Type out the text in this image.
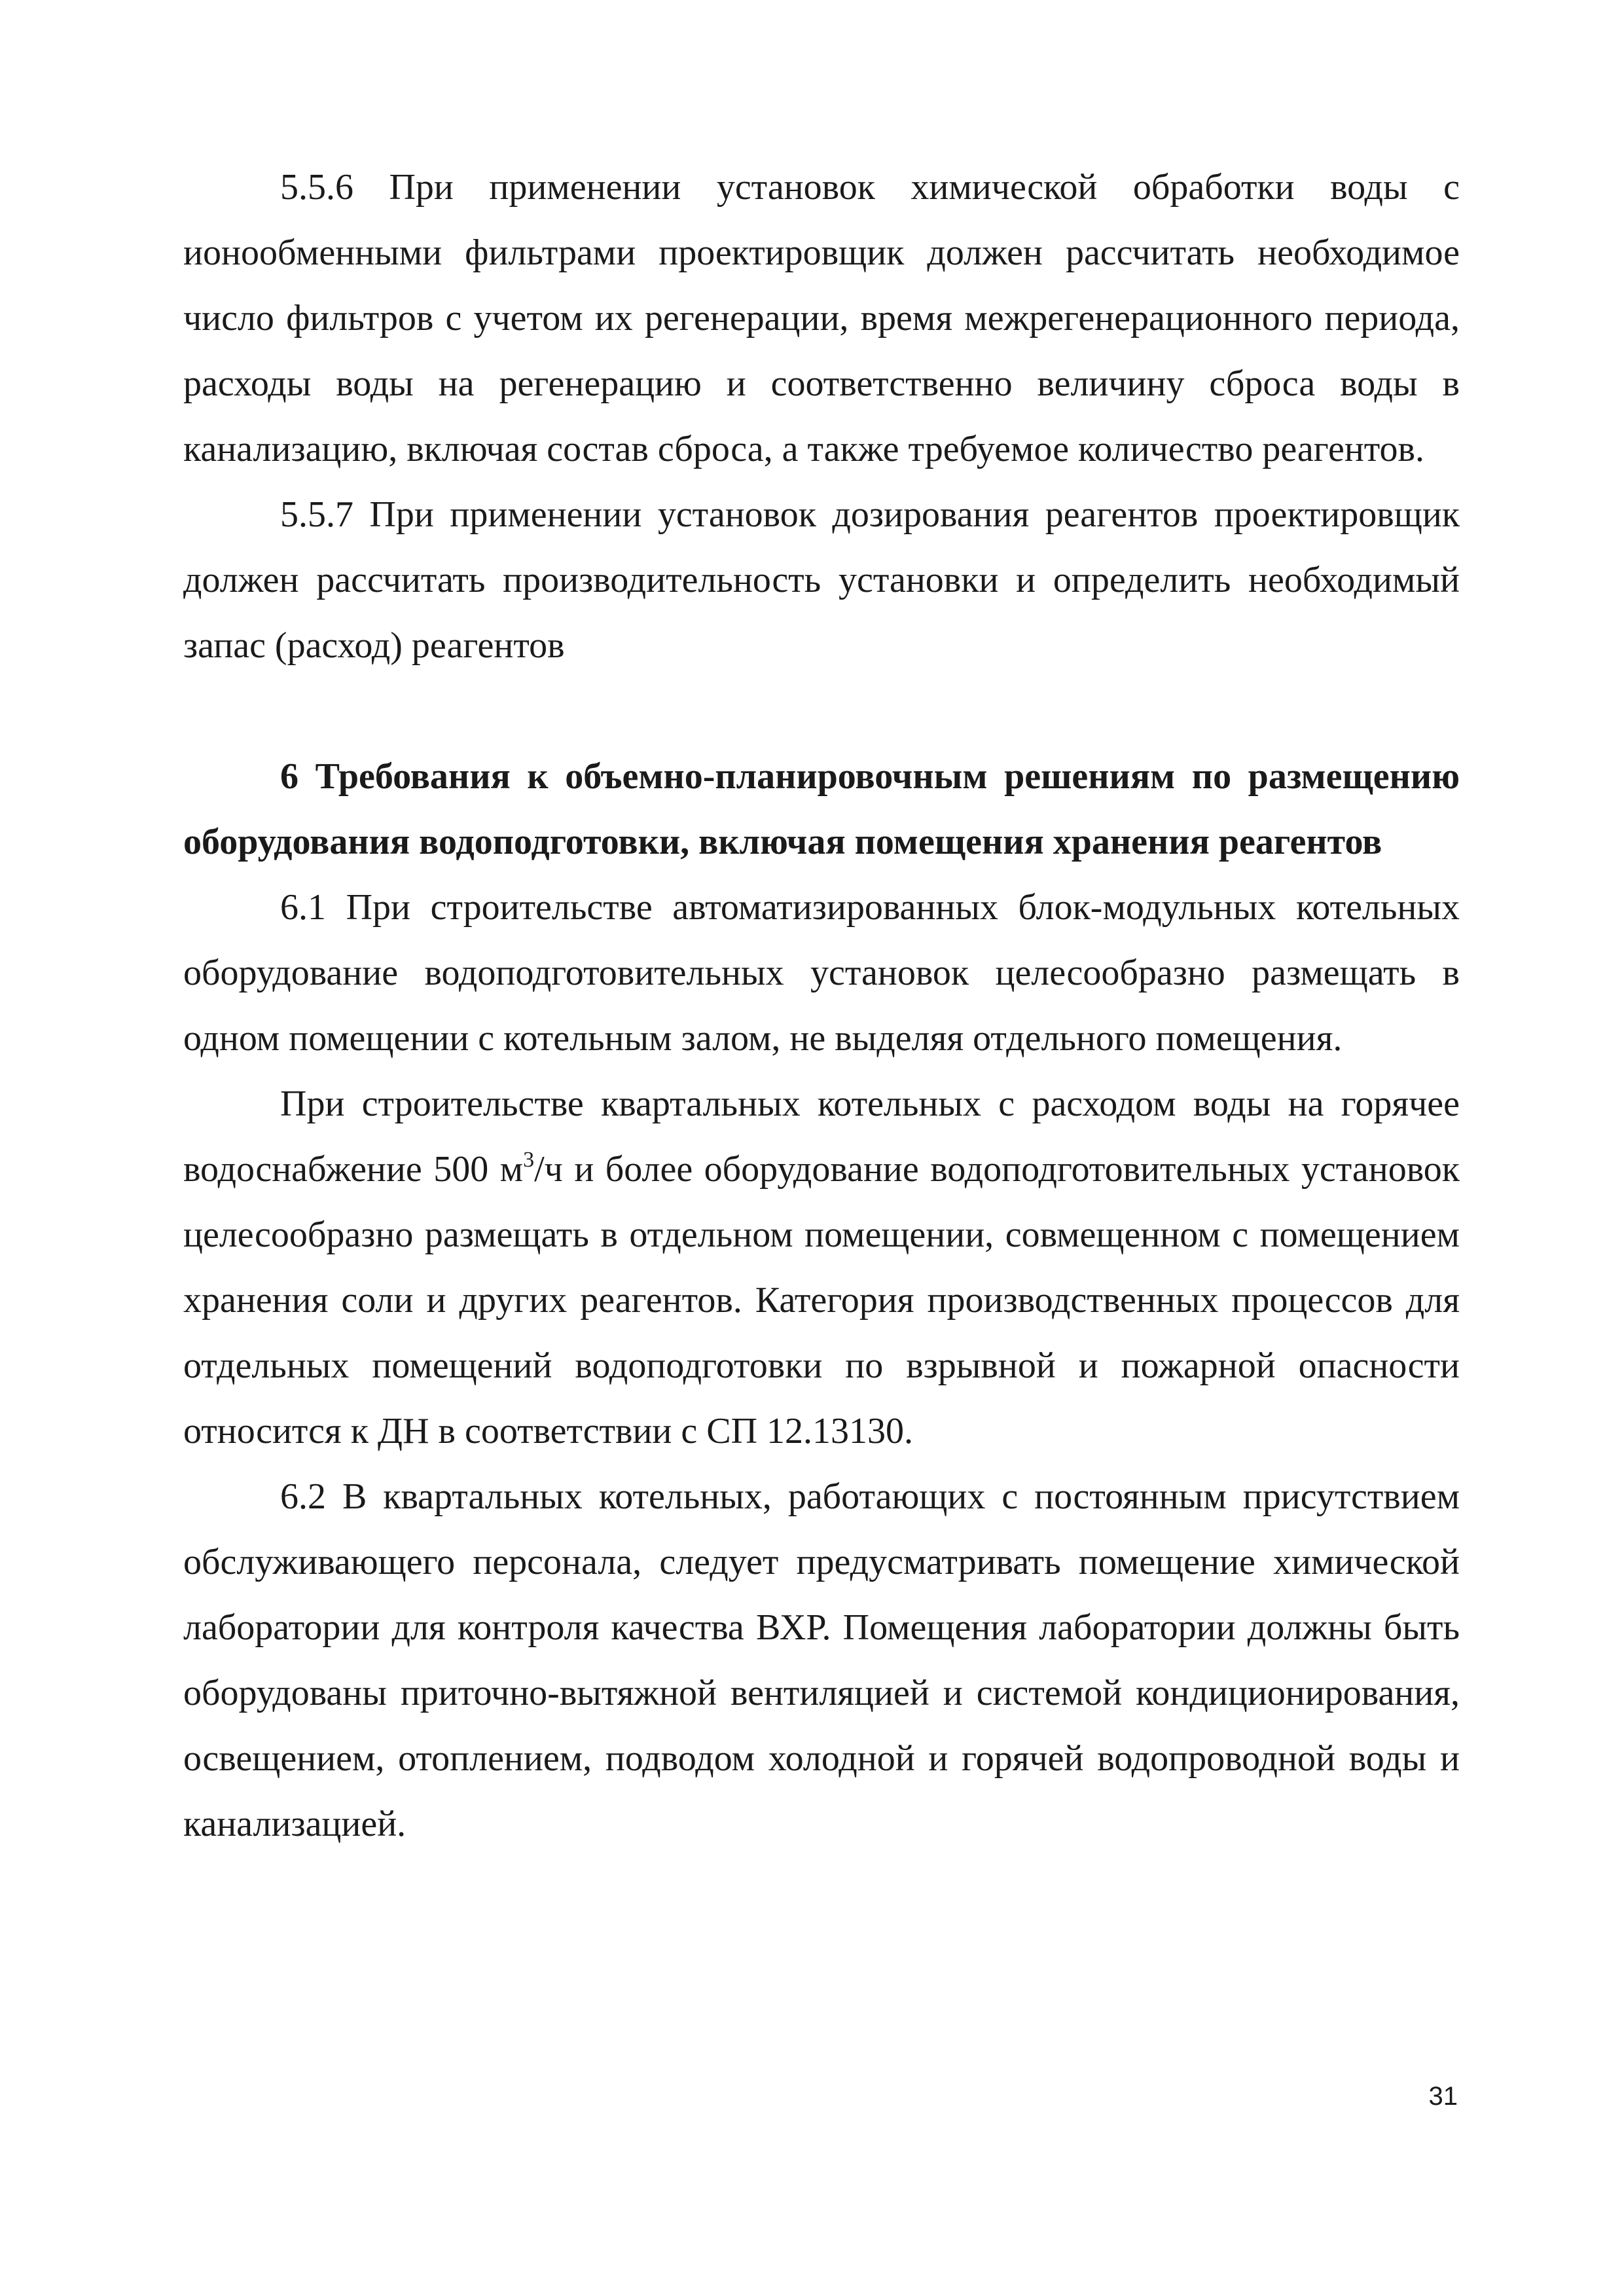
5.5.6 При применении установок химической обработки воды с ионообменными фильтрами проектировщик должен рассчитать необходимое число фильтров с учетом их регенерации, время межрегенерационного периода, расходы воды на регенерацию и соответственно величину сброса воды в канализацию, включая состав сброса, а также требуемое количество реагентов.

5.5.7 При применении установок дозирования реагентов проектировщик должен рассчитать производительность установки и определить необходимый запас (расход) реагентов

6 Требования к объемно-планировочным решениям по размещению оборудования водоподготовки, включая помещения хранения реагентов

6.1 При строительстве автоматизированных блок-модульных котельных оборудование водоподготовительных установок целесообразно размещать в одном помещении с котельным залом, не выделяя отдельного помещения.

При строительстве квартальных котельных с расходом воды на горячее водоснабжение 500 $м^3/ч$ и более оборудование водоподготовительных установок целесообразно размещать в отдельном помещении, совмещенном с помещением хранения соли и других реагентов. Категория производственных процессов для отдельных помещений водоподготовки по взрывной и пожарной опасности относится к ДН в соответствии с СП 12.13130.

6.2 В квартальных котельных, работающих с постоянным присутствием обслуживающего персонала, следует предусматривать помещение химической лаборатории для контроля качества ВХР. Помещения лаборатории должны быть оборудованы приточно-вытяжной вентиляцией и системой кондиционирования, освещением, отоплением, подводом холодной и горячей водопроводной воды и канализацией.

31
